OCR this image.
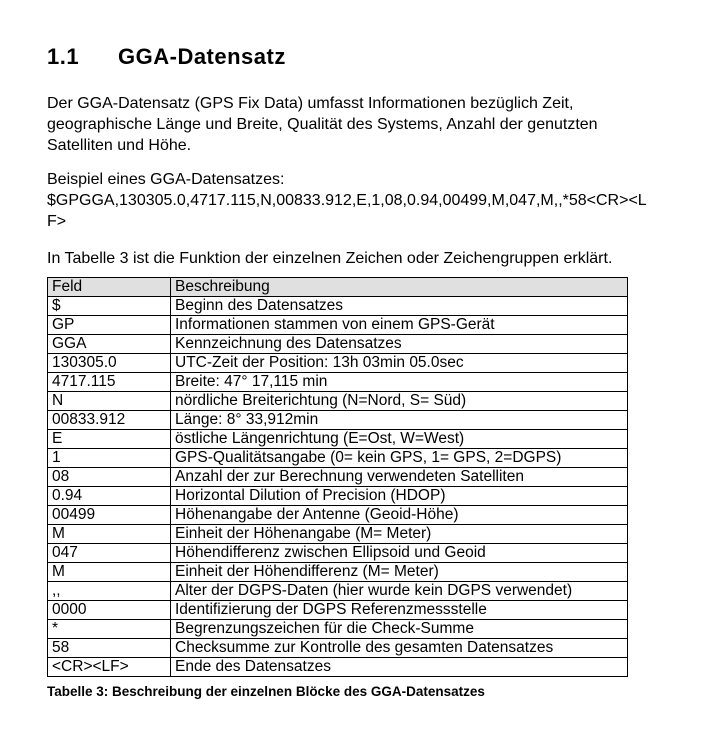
1.1	GGA-Datensatz

Der GGA-Datensatz (GPS Fix Data) umfasst Informationen bezüglich Zeit, geographische Länge und Breite, Qualität des Systems, Anzahl der genutzten Satelliten und Höhe.

Beispiel eines GGA-Datensatzes:

$GPGGA,130305.0,4717.115,N,00833.912,E,1,08,0.94,00499,M,047,M,,*58<CR><LF>

In Tabelle 3 ist die Funktion der einzelnen Zeichen oder Zeichengruppen erklärt.

Feld	Beschreibung
$	Beginn des Datensatzes
GP	Informationen stammen von einem GPS-Gerät
GGA	Kennzeichnung des Datensatzes
130305.0	UTC-Zeit der Position: 13h 03min 05.0sec
4717.115	Breite: 47° 17,115 min
N	nördliche Breiterichtung (N=Nord, S= Süd)
00833.912	Länge: 8° 33,912min
E	östliche Längenrichtung (E=Ost, W=West)
1	GPS-Qualitätsangabe (0= kein GPS, 1= GPS, 2=DGPS)
08	Anzahl der zur Berechnung verwendeten Satelliten
0.94	Horizontal Dilution of Precision (HDOP)
00499	Höhenangabe der Antenne (Geoid-Höhe)
M	Einheit der Höhenangabe (M= Meter)
047	Höhendifferenz zwischen Ellipsoid und Geoid
M	Einheit der Höhendifferenz (M= Meter)
,,	Alter der DGPS-Daten (hier wurde kein DGPS verwendet)
0000	Identifizierung der DGPS Referenzmessstelle
*	Begrenzungszeichen für die Check-Summe
58	Checksumme zur Kontrolle des gesamten Datensatzes
<CR><LF>	Ende des Datensatzes

Tabelle 3: Beschreibung der einzelnen Blöcke des GGA-Datensatzes
